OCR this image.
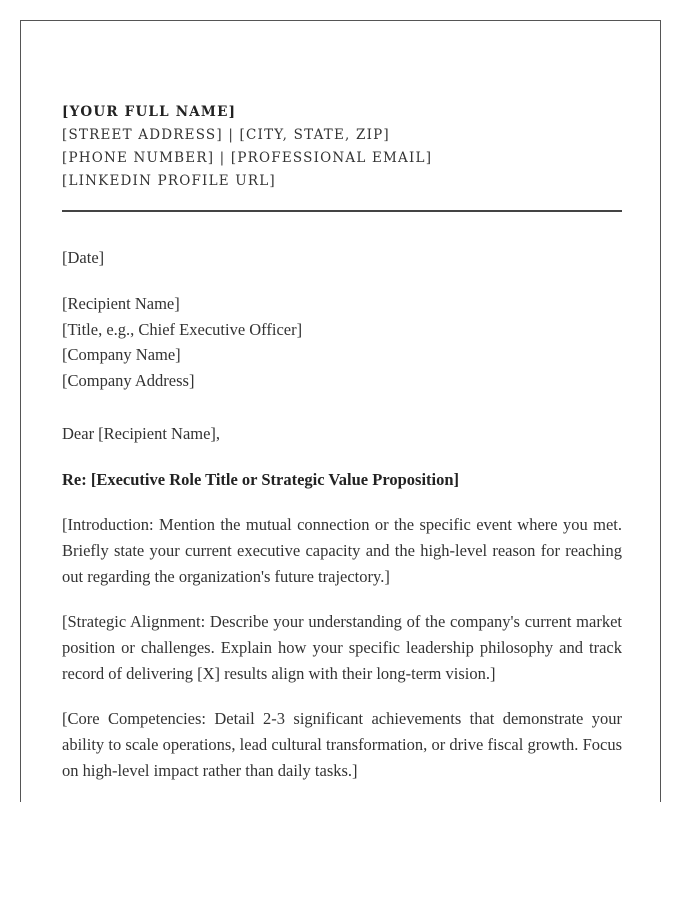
[YOUR FULL NAME]
[STREET ADDRESS] | [CITY, STATE, ZIP]
[PHONE NUMBER] | [PROFESSIONAL EMAIL]
[LINKEDIN PROFILE URL]
[Date]
[Recipient Name]
[Title, e.g., Chief Executive Officer]
[Company Name]
[Company Address]
Dear [Recipient Name],
Re: [Executive Role Title or Strategic Value Proposition]
[Introduction: Mention the mutual connection or the specific event where you met. Briefly state your current executive capacity and the high-level reason for reaching out regarding the organization's future trajectory.]
[Strategic Alignment: Describe your understanding of the company's current market position or challenges. Explain how your specific leadership philosophy and track record of delivering [X] results align with their long-term vision.]
[Core Competencies: Detail 2-3 significant achievements that demonstrate your ability to scale operations, lead cultural transformation, or drive fiscal growth. Focus on high-level impact rather than daily tasks.]
